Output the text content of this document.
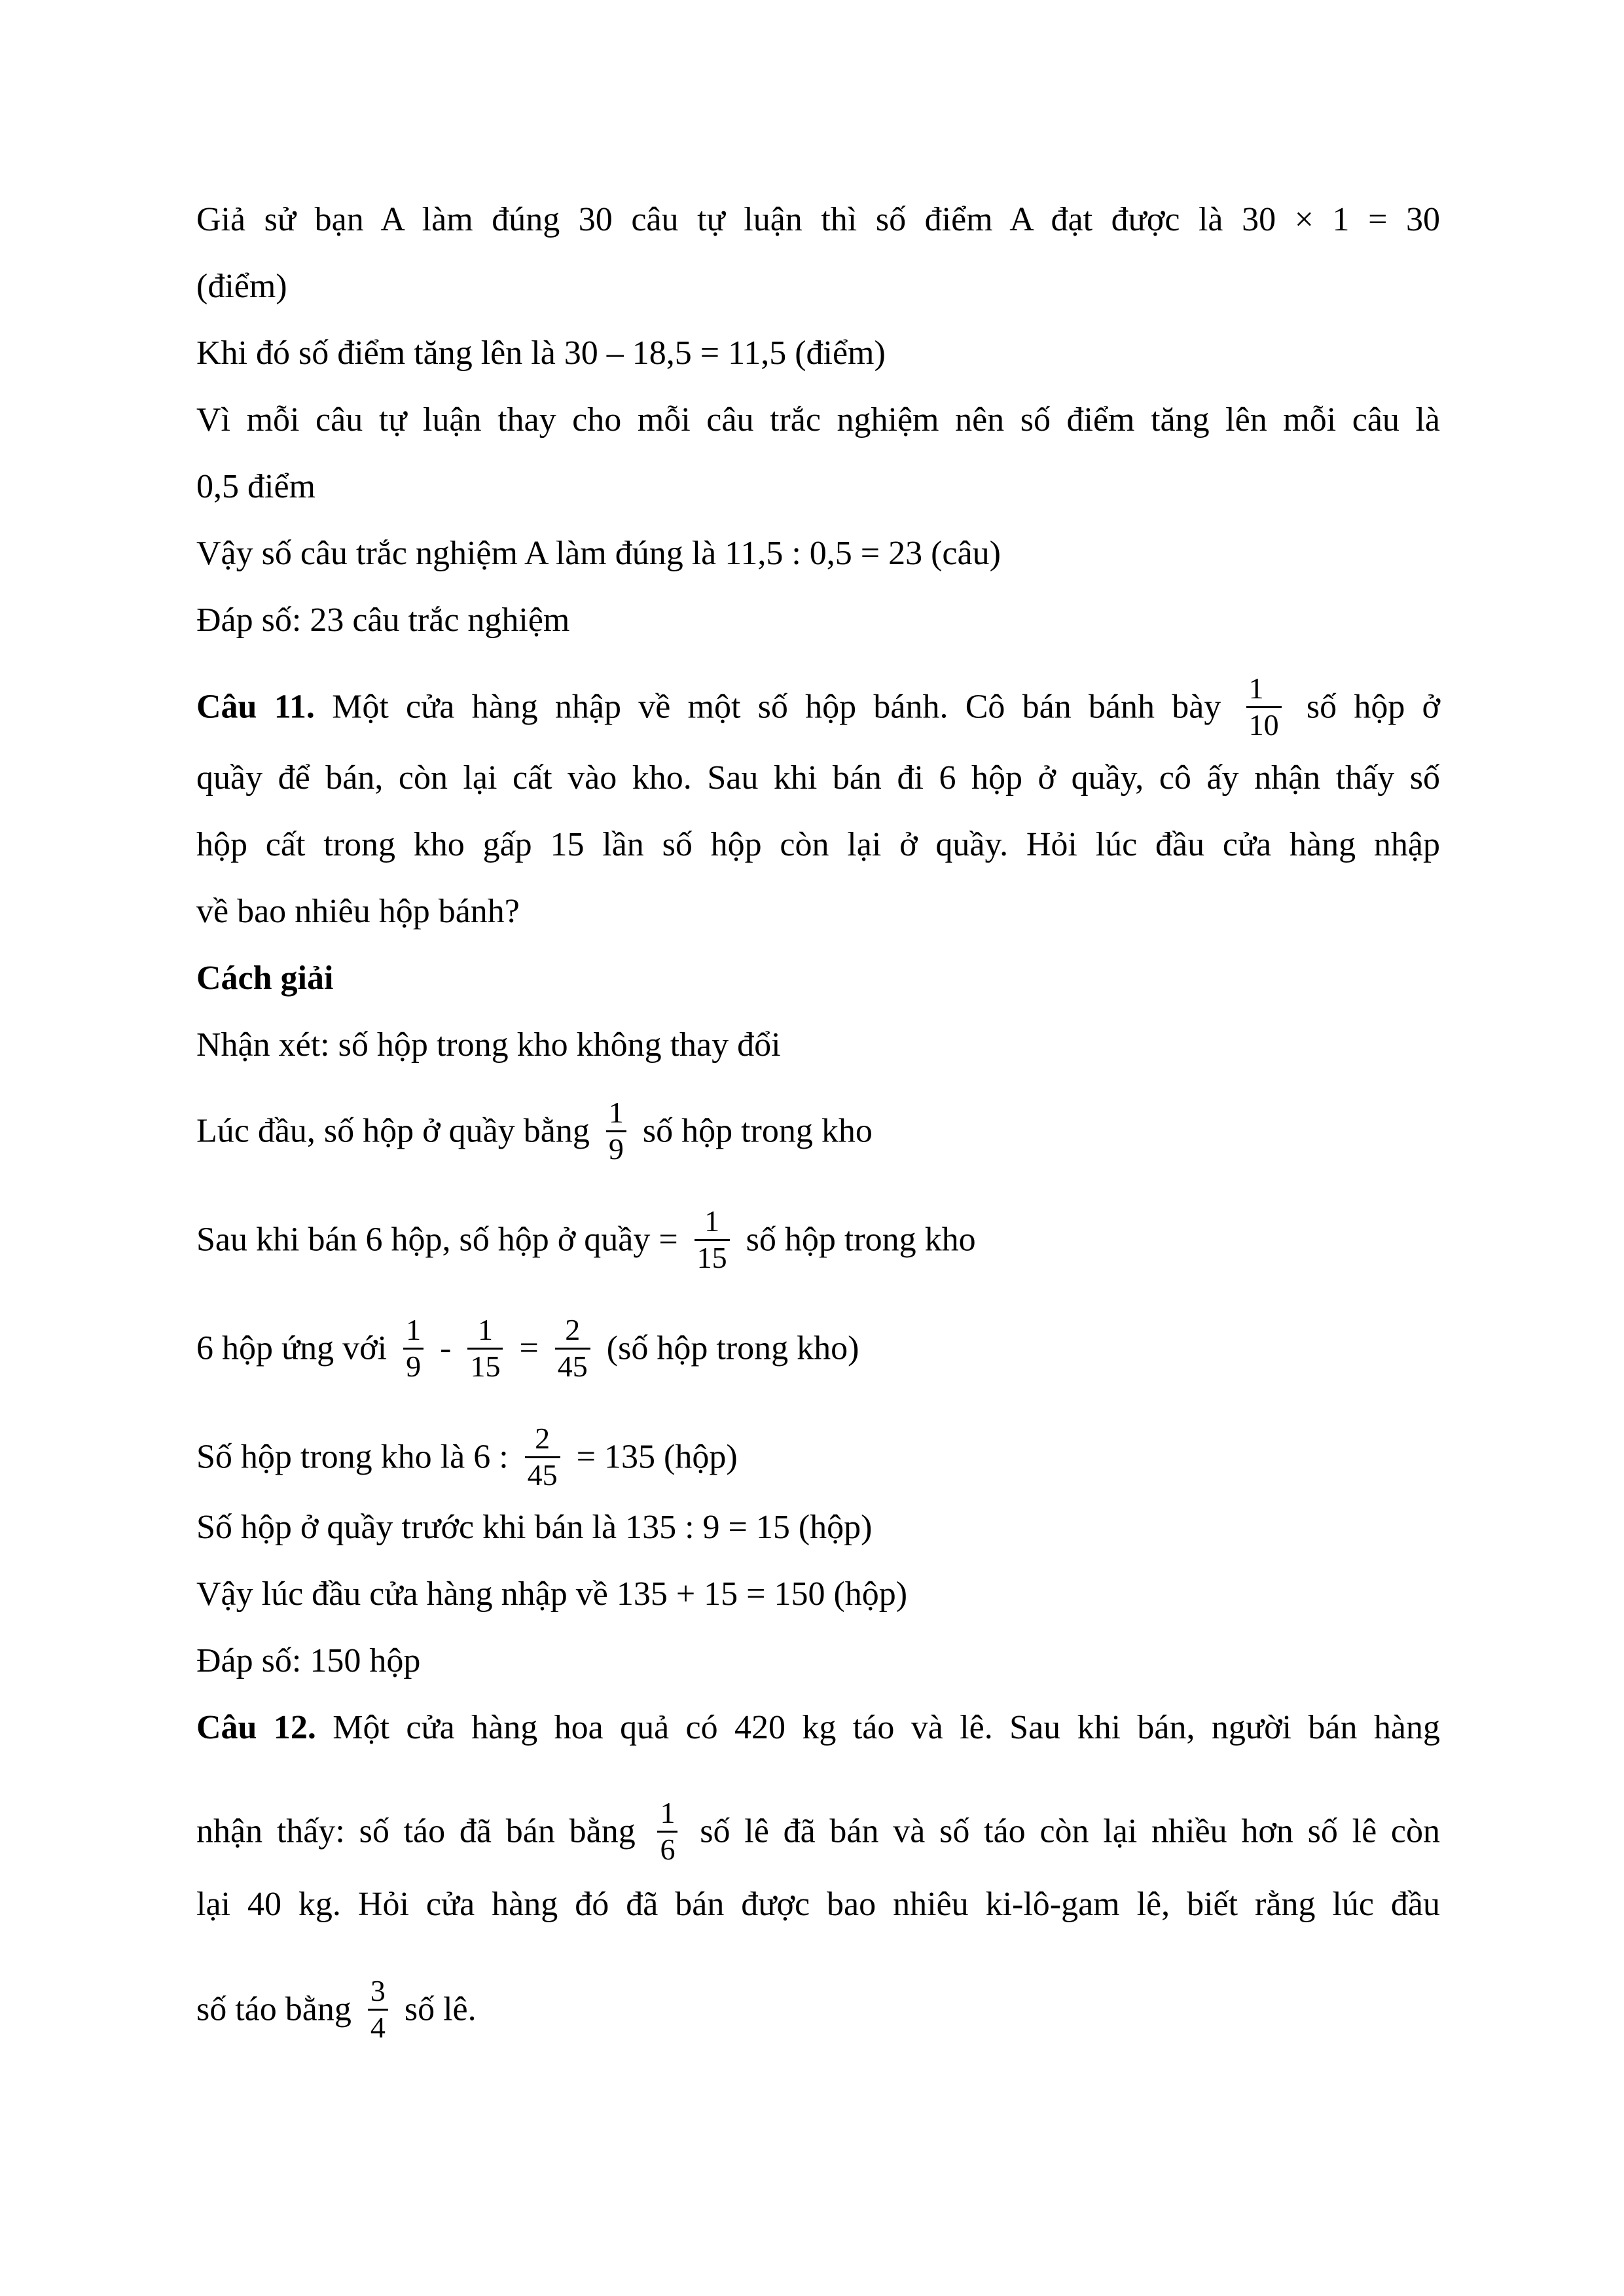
Giả sử bạn A làm đúng 30 câu tự luận thì số điểm A đạt được là 30 × 1 = 30
(điểm)
Khi đó số điểm tăng lên là 30 – 18,5 = 11,5 (điểm)
Vì mỗi câu tự luận thay cho mỗi câu trắc nghiệm nên số điểm tăng lên mỗi câu là
0,5 điểm
Vậy số câu trắc nghiệm A làm đúng là 11,5 : 0,5 = 23 (câu)
Đáp số: 23 câu trắc nghiệm
Câu 11. Một cửa hàng nhập về một số hộp bánh. Cô bán bánh bày $\frac{1}{10}$ số hộp ở
quầy để bán, còn lại cất vào kho. Sau khi bán đi 6 hộp ở quầy, cô ấy nhận thấy số
hộp cất trong kho gấp 15 lần số hộp còn lại ở quầy. Hỏi lúc đầu cửa hàng nhập
về bao nhiêu hộp bánh?
Cách giải
Nhận xét: số hộp trong kho không thay đổi
Lúc đầu, số hộp ở quầy bằng $\frac{1}{9}$ số hộp trong kho
Sau khi bán 6 hộp, số hộp ở quầy = $\frac{1}{15}$ số hộp trong kho
6 hộp ứng với $\frac{1}{9} - \frac{1}{15} = \frac{2}{45}$ (số hộp trong kho)
Số hộp trong kho là 6 : $\frac{2}{45} = 135$ (hộp)
Số hộp ở quầy trước khi bán là 135 : 9 = 15 (hộp)
Vậy lúc đầu cửa hàng nhập về 135 + 15 = 150 (hộp)
Đáp số: 150 hộp
Câu 12. Một cửa hàng hoa quả có 420 kg táo và lê. Sau khi bán, người bán hàng
nhận thấy: số táo đã bán bằng $\frac{1}{6}$ số lê đã bán và số táo còn lại nhiều hơn số lê còn
lại 40 kg. Hỏi cửa hàng đó đã bán được bao nhiêu ki-lô-gam lê, biết rằng lúc đầu
số táo bằng $\frac{3}{4}$ số lê.
